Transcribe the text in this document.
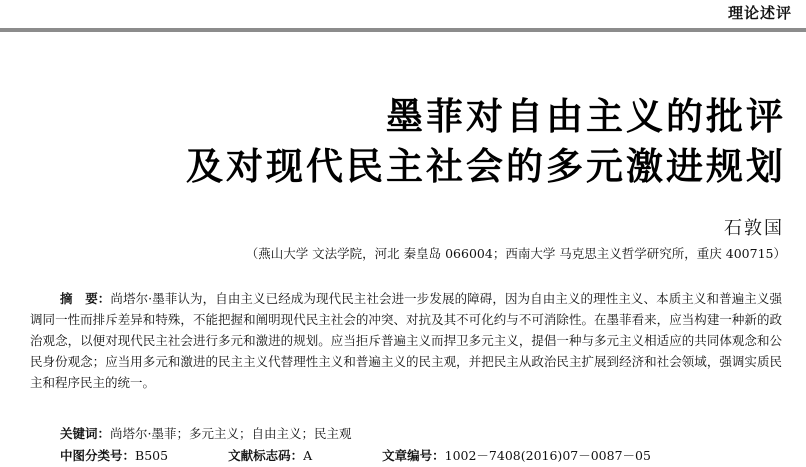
理论述评
墨菲对自由主义的批评
及对现代民主社会的多元激进规划
石敦国
（燕山大学 文法学院，河北 秦皇岛 066004；西南大学 马克思主义哲学研究所，重庆 400715）
摘　要：尚塔尔·墨菲认为，自由主义已经成为现代民主社会进一步发展的障碍，因为自由主义的理性主义、本质主义和普遍主义强调同一性而排斥差异和特殊，不能把握和阐明现代民主社会的冲突、对抗及其不可化约与不可消除性。在墨菲看来，应当构建一种新的政治观念，以便对现代民主社会进行多元和激进的规划。应当拒斥普遍主义而捍卫多元主义，提倡一种与多元主义相适应的共同体观念和公民身份观念；应当用多元和激进的民主主义代替理性主义和普遍主义的民主观，并把民主从政治民主扩展到经济和社会领域，强调实质民主和程序民主的统一。
关键词：尚塔尔·墨菲；多元主义；自由主义；民主观
中图分类号：B505	文献标志码：A	文章编号：1002－7408(2016)07－0087－05
